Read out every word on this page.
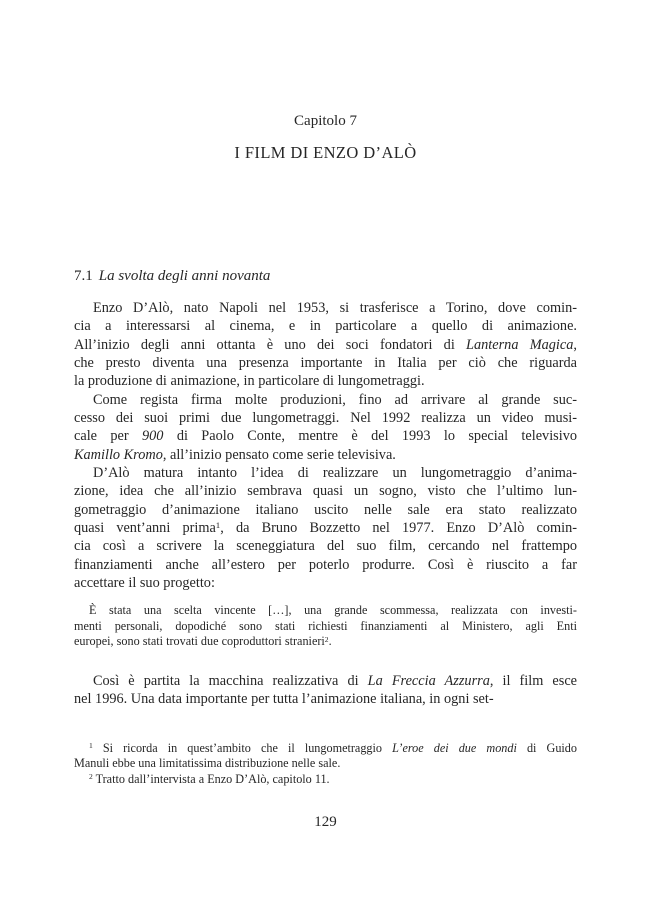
Capitolo 7
I FILM DI ENZO D’ALÒ
7.1 La svolta degli anni novanta
Enzo D’Alò, nato Napoli nel 1953, si trasferisce a Torino, dove comin-
cia a interessarsi al cinema, e in particolare a quello di animazione.
All’inizio degli anni ottanta è uno dei soci fondatori di Lanterna Magica,
che presto diventa una presenza importante in Italia per ciò che riguarda
la produzione di animazione, in particolare di lungometraggi.
Come regista firma molte produzioni, fino ad arrivare al grande suc-
cesso dei suoi primi due lungometraggi. Nel 1992 realizza un video musi-
cale per 900 di Paolo Conte, mentre è del 1993 lo special televisivo
Kamillo Kromo, all’inizio pensato come serie televisiva.
D’Alò matura intanto l’idea di realizzare un lungometraggio d’anima-
zione, idea che all’inizio sembrava quasi un sogno, visto che l’ultimo lun-
gometraggio d’animazione italiano uscito nelle sale era stato realizzato
quasi vent’anni prima$^1$, da Bruno Bozzetto nel 1977. Enzo D’Alò comin-
cia così a scrivere la sceneggiatura del suo film, cercando nel frattempo
finanziamenti anche all’estero per poterlo produrre. Così è riuscito a far
accettare il suo progetto:
È stata una scelta vincente […], una grande scommessa, realizzata con investi-
menti personali, dopodiché sono stati richiesti finanziamenti al Ministero, agli Enti
europei, sono stati trovati due coproduttori stranieri$^2$.
Così è partita la macchina realizzativa di La Freccia Azzurra, il film esce
nel 1996. Una data importante per tutta l’animazione italiana, in ogni set-
$^1$ Si ricorda in quest’ambito che il lungometraggio L’eroe dei due mondi di Guido
Manuli ebbe una limitatissima distribuzione nelle sale.
$^2$ Tratto dall’intervista a Enzo D’Alò, capitolo 11.
129
